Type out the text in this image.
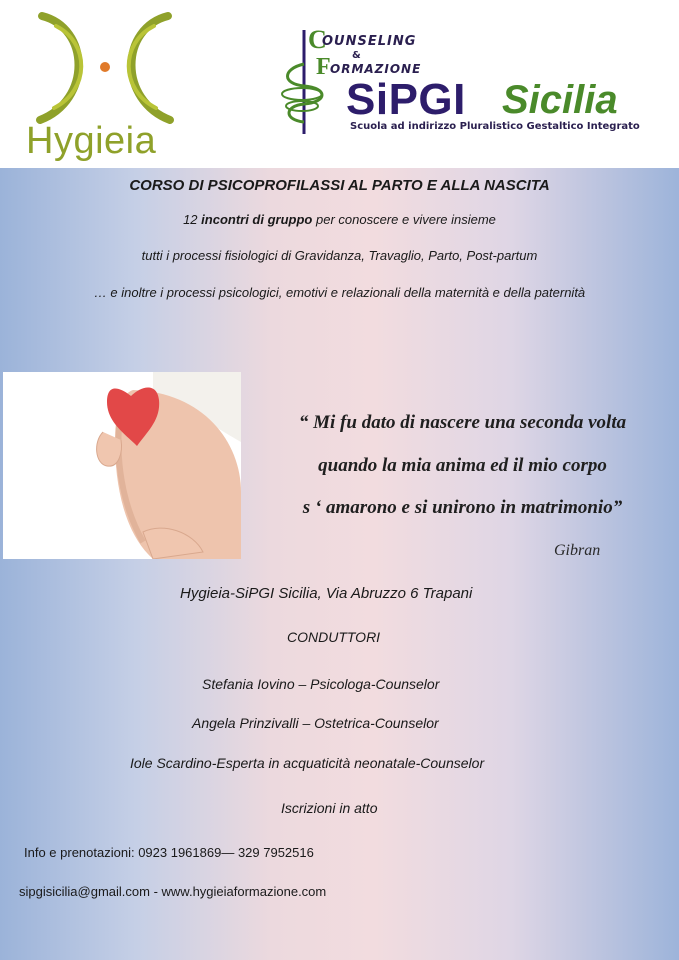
Hygieia
C
F
OUNSELING
&
ORMAZIONE
SiPGI Sicilia
Scuola ad indirizzo Pluralistico Gestaltico Integrato
CORSO DI PSICOPROFILASSI AL PARTO E ALLA NASCITA
12 incontri di gruppo per conoscere e vivere insieme
tutti i processi fisiologici di Gravidanza, Travaglio, Parto, Post-partum
… e inoltre i processi psicologici, emotivi e relazionali della maternità e della paternità
“ Mi fu dato di nascere una seconda volta
quando la mia anima ed il mio corpo
s ‘ amarono e si unirono in matrimonio”
Gibran
Hygieia-SiPGI Sicilia, Via Abruzzo 6 Trapani
CONDUTTORI
Stefania Iovino – Psicologa-Counselor
Angela Prinzivalli – Ostetrica-Counselor
Iole Scardino-Esperta in acquaticità neonatale-Counselor
Iscrizioni in atto
Info e prenotazioni: 0923 1961869— 329 7952516
sipgisicilia@gmail.com - www.hygieiaformazione.com
